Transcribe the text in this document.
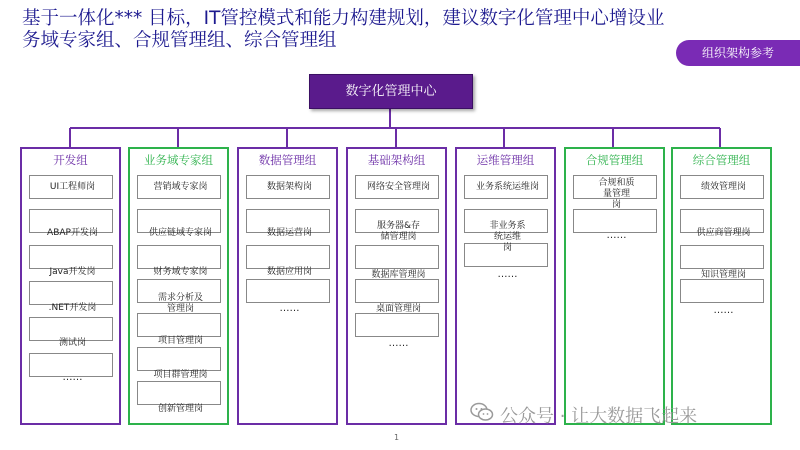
基于一体化*** 目标，IT管控模式和能力构建规划，建议数字化管理中心增设业务域专家组、合规管理组、综合管理组
组织架构参考
数字化管理中心
开发组
UI工程师岗
ABAP开发岗
Java开发岗
.NET开发岗
测试岗
……
业务域专家组
营销域专家岗
供应链域专家岗
财务域专家岗
需求分析及
管理岗
项目管理岗
项目群管理岗
创新管理岗
数据管理组
数据架构岗
数据运营岗
数据应用岗
……
基础架构组
网络安全管理岗
服务器&存
储管理岗
数据库管理岗
桌面管理岗
……
运维管理组
业务系统运维岗
非业务系
统运维
岗
……
合规管理组
合规和质
量管理
岗
……
综合管理组
绩效管理岗
供应商管理岗
知识管理岗
……
1
公众号 · 让大数据飞起来
